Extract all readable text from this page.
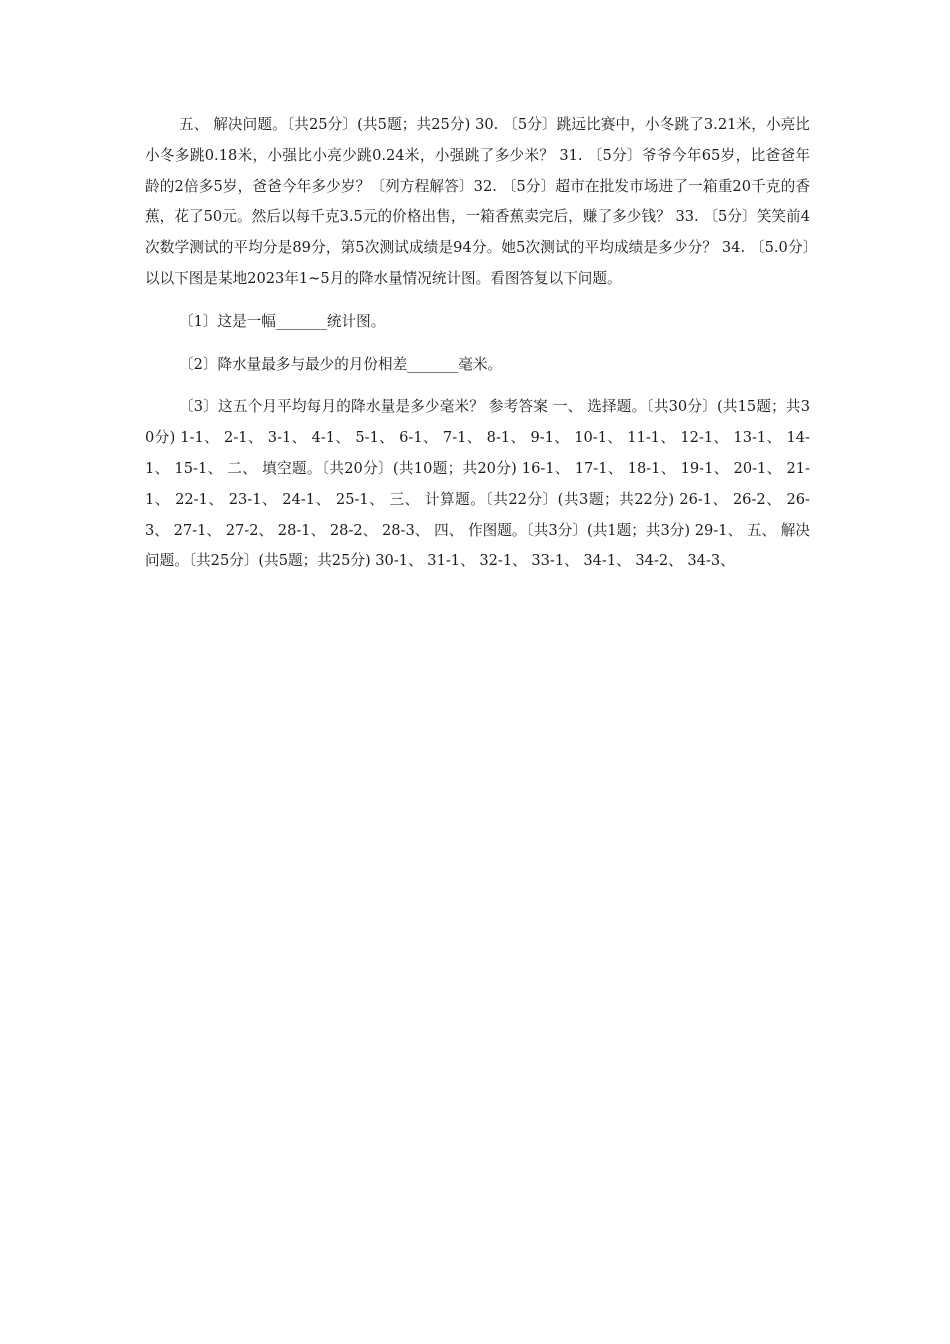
五、 解决问题。〔共25分〕(共5题；共25分) 30. 〔5分〕跳远比赛中，小冬跳了3.21米，小亮比小冬多跳0.18米，小强比小亮少跳0.24米，小强跳了多少米？ 31. 〔5分〕爷爷今年65岁，比爸爸年龄的2倍多5岁，爸爸今年多少岁？〔列方程解答〕32. 〔5分〕超市在批发市场进了一箱重20千克的香蕉，花了50元。然后以每千克3.5元的价格出售，一箱香蕉卖完后，赚了多少钱？ 33. 〔5分〕笑笑前4次数学测试的平均分是89分，第5次测试成绩是94分。她5次测试的平均成绩是多少分？ 34. 〔5.0分〕以以下图是某地2023年1~5月的降水量情况统计图。看图答复以下问题。

〔1〕这是一幅_______统计图。

〔2〕降水量最多与最少的月份相差_______毫米。

〔3〕这五个月平均每月的降水量是多少毫米？ 参考答案 一、 选择题。〔共30分〕(共15题；共30分) 1-1、 2-1、 3-1、 4-1、 5-1、 6-1、 7-1、 8-1、 9-1、 10-1、 11-1、 12-1、 13-1、 14-1、 15-1、 二、 填空题。〔共20分〕(共10题；共20分) 16-1、 17-1、 18-1、 19-1、 20-1、 21-1、 22-1、 23-1、 24-1、 25-1、 三、 计算题。〔共22分〕(共3题；共22分) 26-1、 26-2、 26-3、 27-1、 27-2、 28-1、 28-2、 28-3、 四、 作图题。〔共3分〕(共1题；共3分) 29-1、 五、 解决问题。〔共25分〕(共5题；共25分) 30-1、 31-1、 32-1、 33-1、 34-1、 34-2、 34-3、
